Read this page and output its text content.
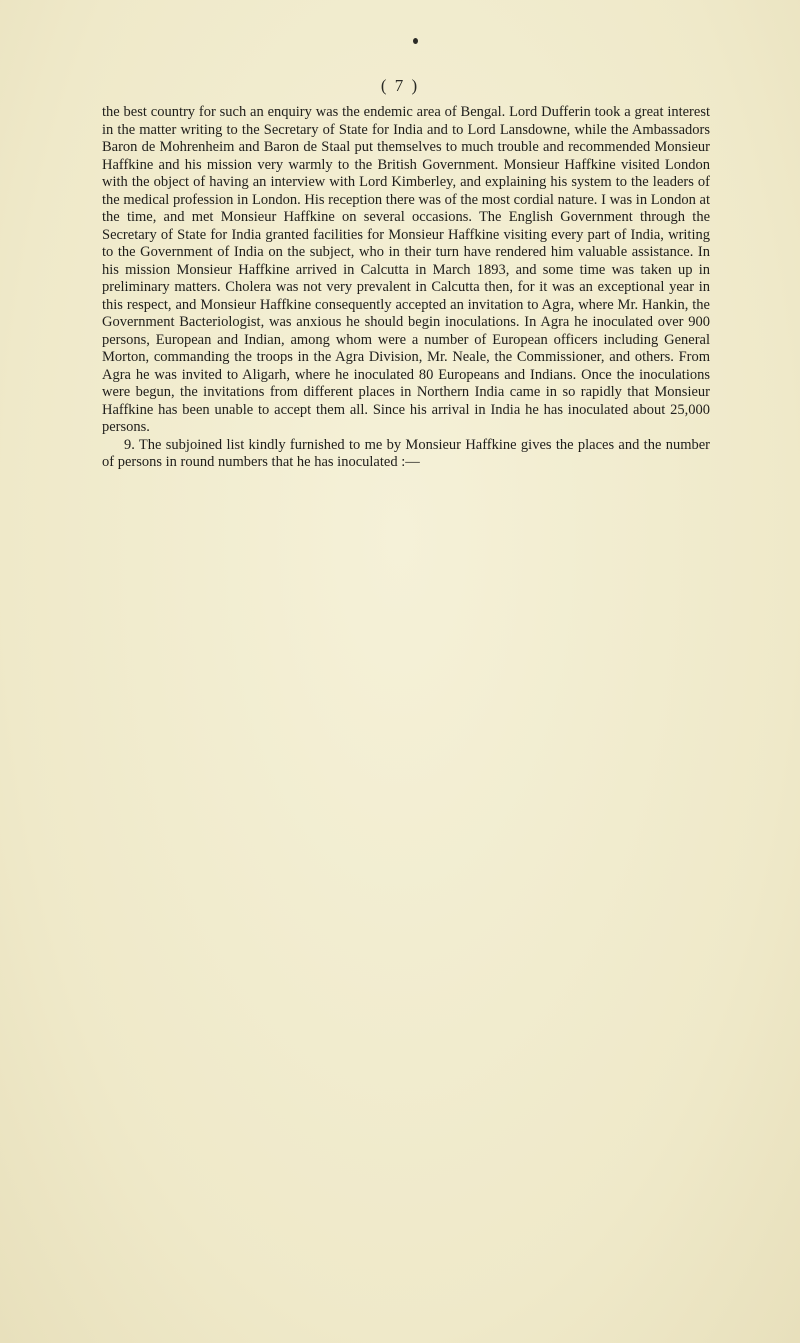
( 7 )

the best country for such an enquiry was the endemic area of Bengal. Lord Dufferin took a great interest in the matter writing to the Secretary of State for India and to Lord Lansdowne, while the Ambassadors Baron de Mohrenheim and Baron de Staal put themselves to much trouble and recommended Monsieur Haffkine and his mission very warmly to the British Government. Monsieur Haffkine visited London with the object of having an interview with Lord Kimberley, and explaining his system to the leaders of the medical profession in London. His reception there was of the most cordial nature. I was in London at the time, and met Monsieur Haffkine on several occasions. The English Government through the Secretary of State for India granted facilities for Monsieur Haffkine visiting every part of India, writing to the Government of India on the subject, who in their turn have rendered him valuable assistance. In his mission Monsieur Haffkine arrived in Calcutta in March 1893, and some time was taken up in preliminary matters. Cholera was not very prevalent in Calcutta then, for it was an exceptional year in this respect, and Monsieur Haffkine consequently accepted an invitation to Agra, where Mr. Hankin, the Government Bacteriologist, was anxious he should begin inoculations. In Agra he inoculated over 900 persons, European and Indian, among whom were a number of European officers including General Morton, commanding the troops in the Agra Division, Mr. Neale, the Commissioner, and others. From Agra he was invited to Aligarh, where he inoculated 80 Europeans and Indians. Once the inoculations were begun, the invitations from different places in Northern India came in so rapidly that Monsieur Haffkine has been unable to accept them all. Since his arrival in India he has inoculated about 25,000 persons.

9. The subjoined list kindly furnished to me by Monsieur Haffkine gives the places and the number of persons in round numbers that he has inoculated :—
